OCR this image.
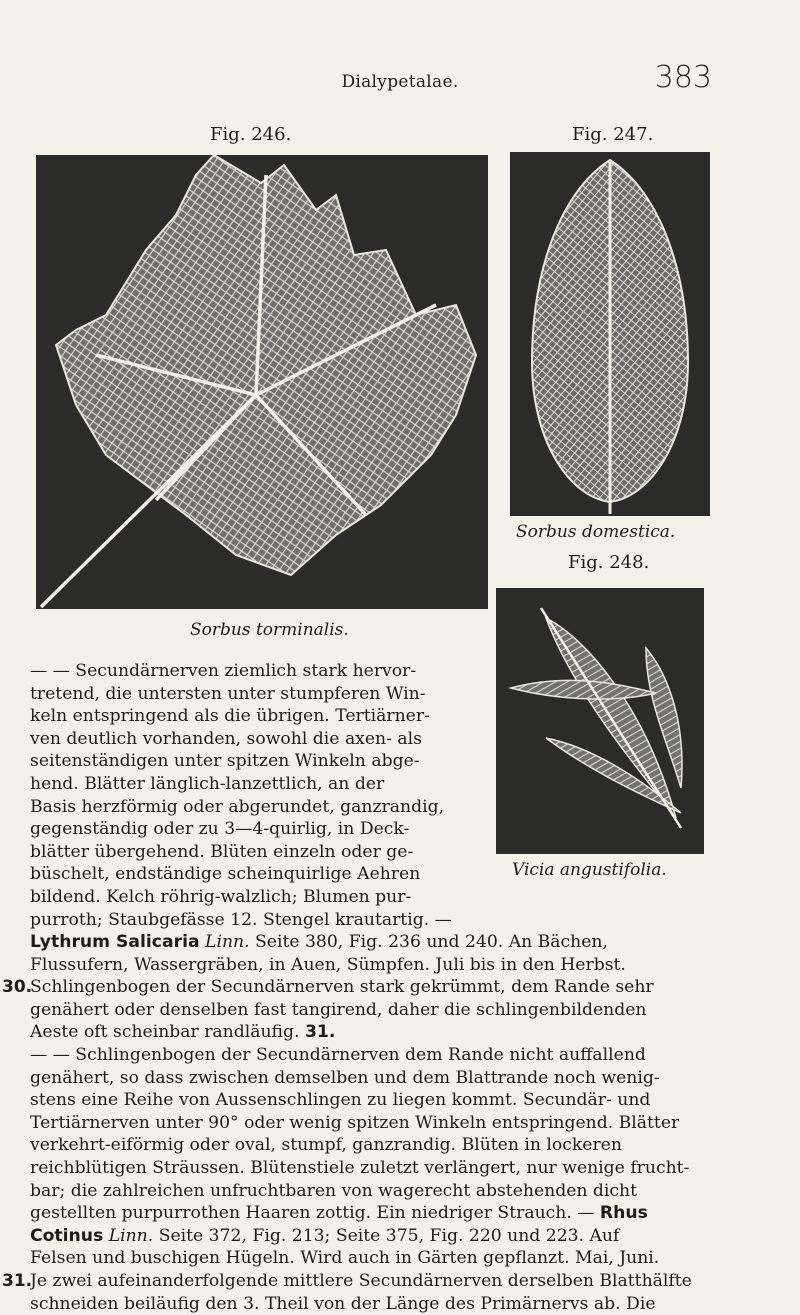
Dialypetalae.	383
Fig. 246.
Sorbus torminalis.
Fig. 247.
Sorbus domestica.
Fig. 248.
Vicia angustifolia.
— — Secundärnerven ziemlich stark hervor-
tretend, die untersten unter stumpferen Win-
keln entspringend als die übrigen. Tertiärner-
ven deutlich vorhanden, sowohl die axen- als
seitenständigen unter spitzen Winkeln abge-
hend. Blätter länglich-lanzettlich, an der
Basis herzförmig oder abgerundet, ganzrandig,
gegenständig oder zu 3—4-quirlig, in Deck-
blätter übergehend. Blüten einzeln oder ge-
büschelt, endständige scheinquirlige Aehren
bildend. Kelch röhrig-walzlich; Blumen pur-
purroth; Staubgefässe 12. Stengel krautartig. —
Lythrum Salicaria
Linn.
Seite 380, Fig. 236 und 240. An Bächen,
Flussufern, Wassergräben, in Auen, Sümpfen. Juli bis in den Herbst.
30.
Schlingenbogen der Secundärnerven stark gekrümmt, dem Rande sehr
genähert oder denselben fast tangirend, daher die schlingenbildenden
Aeste oft scheinbar randläufig.
31.
— — Schlingenbogen der Secundärnerven dem Rande nicht auffallend
genähert, so dass zwischen demselben und dem Blattrande noch wenig-
stens eine Reihe von Aussenschlingen zu liegen kommt. Secundär- und
Tertiärnerven unter 90° oder wenig spitzen Winkeln entspringend. Blätter
verkehrt-eiförmig oder oval, stumpf, ganzrandig. Blüten in lockeren
reichblütigen Sträussen. Blütenstiele zuletzt verlängert, nur wenige frucht-
bar; die zahlreichen unfruchtbaren von wagerecht abstehenden dicht
gestellten purpurrothen Haaren zottig. Ein niedriger Strauch. —
Rhus
Cotinus
Linn.
Seite 372, Fig. 213; Seite 375, Fig. 220 und 223. Auf
Felsen und buschigen Hügeln. Wird auch in Gärten gepflanzt. Mai, Juni.
31.
Je zwei aufeinanderfolgende mittlere Secundärnerven derselben Blatthälfte
schneiden beiläufig den 3. Theil von der Länge des Primärnervs ab. Die
